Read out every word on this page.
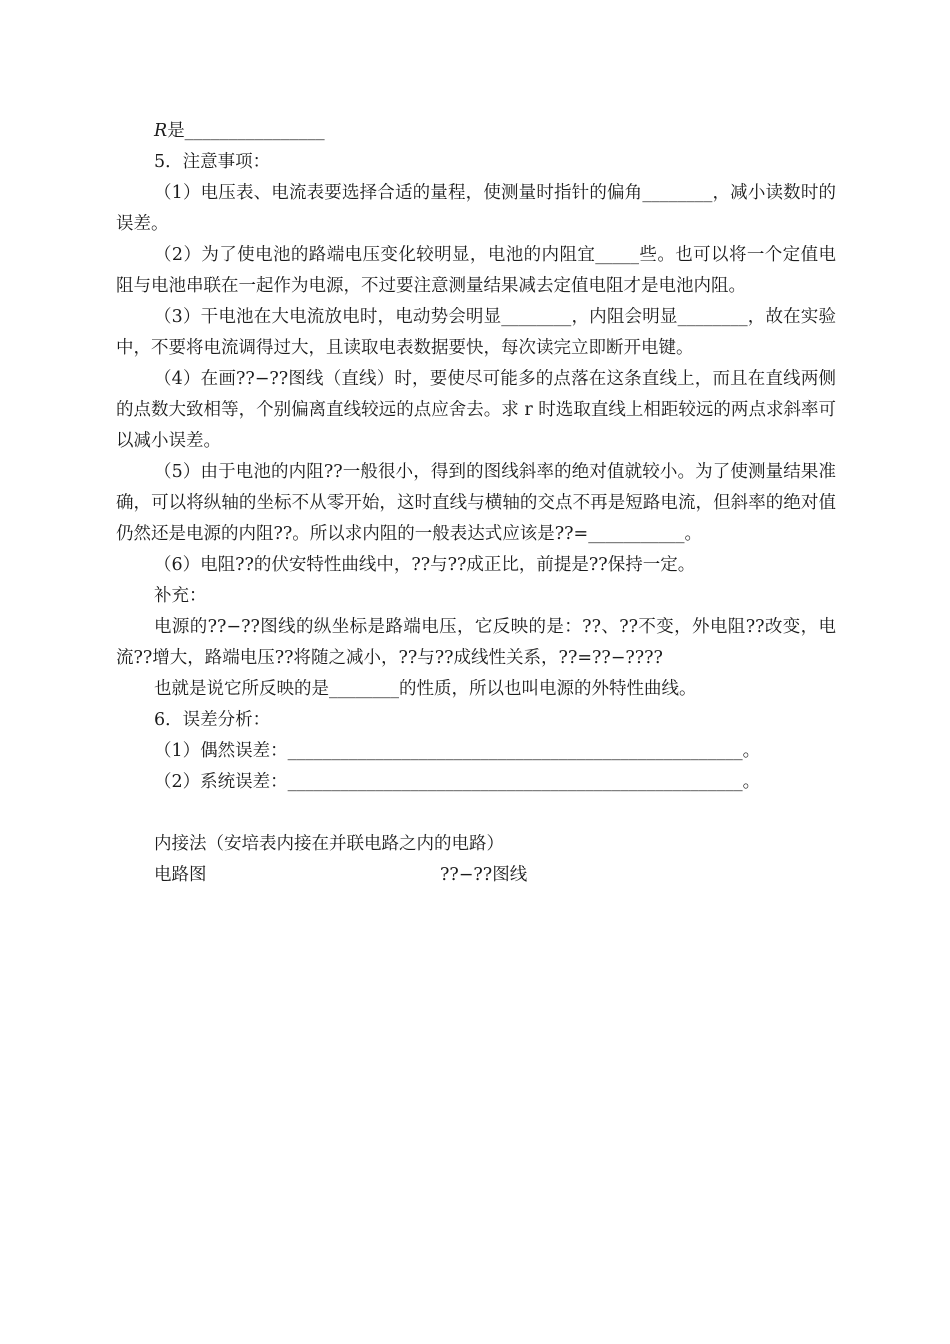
R是________________

5．注意事项：

（1）电压表、电流表要选择合适的量程，使测量时指针的偏角________，减小读数时的误差。

（2）为了使电池的路端电压变化较明显，电池的内阻宜_____些。也可以将一个定值电阻与电池串联在一起作为电源，不过要注意测量结果减去定值电阻才是电池内阻。

（3）干电池在大电流放电时，电动势会明显________，内阻会明显________，故在实验中，不要将电流调得过大，且读取电表数据要快，每次读完立即断开电键。

（4）在画??−??图线（直线）时，要使尽可能多的点落在这条直线上，而且在直线两侧的点数大致相等，个别偏离直线较远的点应舍去。求 r 时选取直线上相距较远的两点求斜率可以减小误差。

（5）由于电池的内阻??一般很小，得到的图线斜率的绝对值就较小。为了使测量结果准确，可以将纵轴的坐标不从零开始，这时直线与横轴的交点不再是短路电流，但斜率的绝对值仍然还是电源的内阻??。所以求内阻的一般表达式应该是??=___________。

（6）电阻??的伏安特性曲线中，??与??成正比，前提是??保持一定。

补充：

电源的??−??图线的纵坐标是路端电压，它反映的是：??、??不变，外电阻??改变，电流??增大，路端电压??将随之减小，??与??成线性关系，??=??−????

也就是说它所反映的是________的性质，所以也叫电源的外特性曲线。

6．误差分析：

（1）偶然误差：____________________________________________________。

（2）系统误差：____________________________________________________。

内接法（安培表内接在并联电路之内的电路）

电路图	??−??图线
